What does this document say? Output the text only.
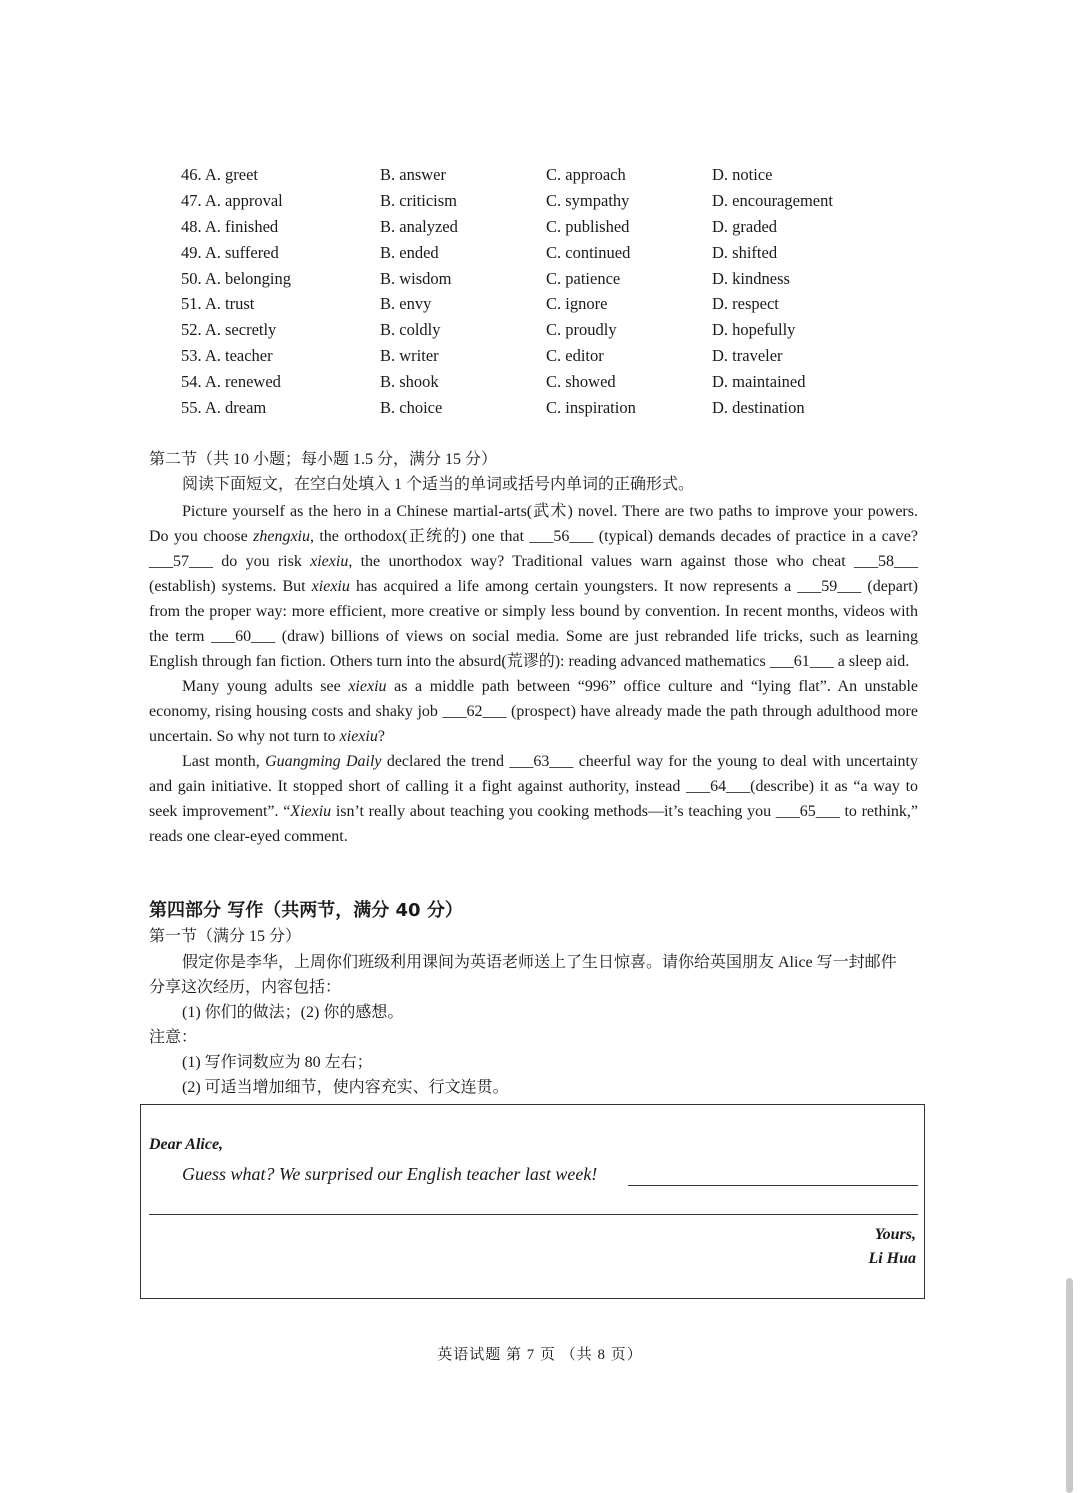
46. A. greet	B. answer	C. approach	D. notice
47. A. approval	B. criticism	C. sympathy	D. encouragement
48. A. finished	B. analyzed	C. published	D. graded
49. A. suffered	B. ended	C. continued	D. shifted
50. A. belonging	B. wisdom	C. patience	D. kindness
51. A. trust	B. envy	C. ignore	D. respect
52. A. secretly	B. coldly	C. proudly	D. hopefully
53. A. teacher	B. writer	C. editor	D. traveler
54. A. renewed	B. shook	C. showed	D. maintained
55. A. dream	B. choice	C. inspiration	D. destination
第二节（共 10 小题；每小题 1.5 分，满分 15 分）
阅读下面短文，在空白处填入 1 个适当的单词或括号内单词的正确形式。

Picture yourself as the hero in a Chinese martial-arts(武术) novel. There are two paths to improve your powers. Do you choose zhengxiu, the orthodox(正统的) one that ___56___ (typical) demands decades of practice in a cave? ___57___ do you risk xiexiu, the unorthodox way? Traditional values warn against those who cheat ___58___ (establish) systems. But xiexiu has acquired a life among certain youngsters. It now represents a ___59___ (depart) from the proper way: more efficient, more creative or simply less bound by convention. In recent months, videos with the term ___60___ (draw) billions of views on social media. Some are just rebranded life tricks, such as learning English through fan fiction. Others turn into the absurd(荒谬的): reading advanced mathematics ___61___ a sleep aid.

Many young adults see xiexiu as a middle path between “996” office culture and “lying flat”. An unstable economy, rising housing costs and shaky job ___62___ (prospect) have already made the path through adulthood more uncertain. So why not turn to xiexiu?

Last month, Guangming Daily declared the trend ___63___ cheerful way for the young to deal with uncertainty and gain initiative. It stopped short of calling it a fight against authority, instead ___64___(describe) it as “a way to seek improvement”. “Xiexiu isn’t really about teaching you cooking methods—it’s teaching you ___65___ to rethink,” reads one clear-eyed comment.

第四部分 写作（共两节，满分 40 分）
第一节（满分 15 分）
假定你是李华，上周你们班级利用课间为英语老师送上了生日惊喜。请你给英国朋友 Alice 写一封邮件
分享这次经历，内容包括：
(1) 你们的做法；(2) 你的感想。
注意：
(1) 写作词数应为 80 左右；
(2) 可适当增加细节，使内容充实、行文连贯。
Dear Alice,
Guess what? We surprised our English teacher last week!
Yours,
Li Hua
英语试题 第 7 页 （共 8 页）
